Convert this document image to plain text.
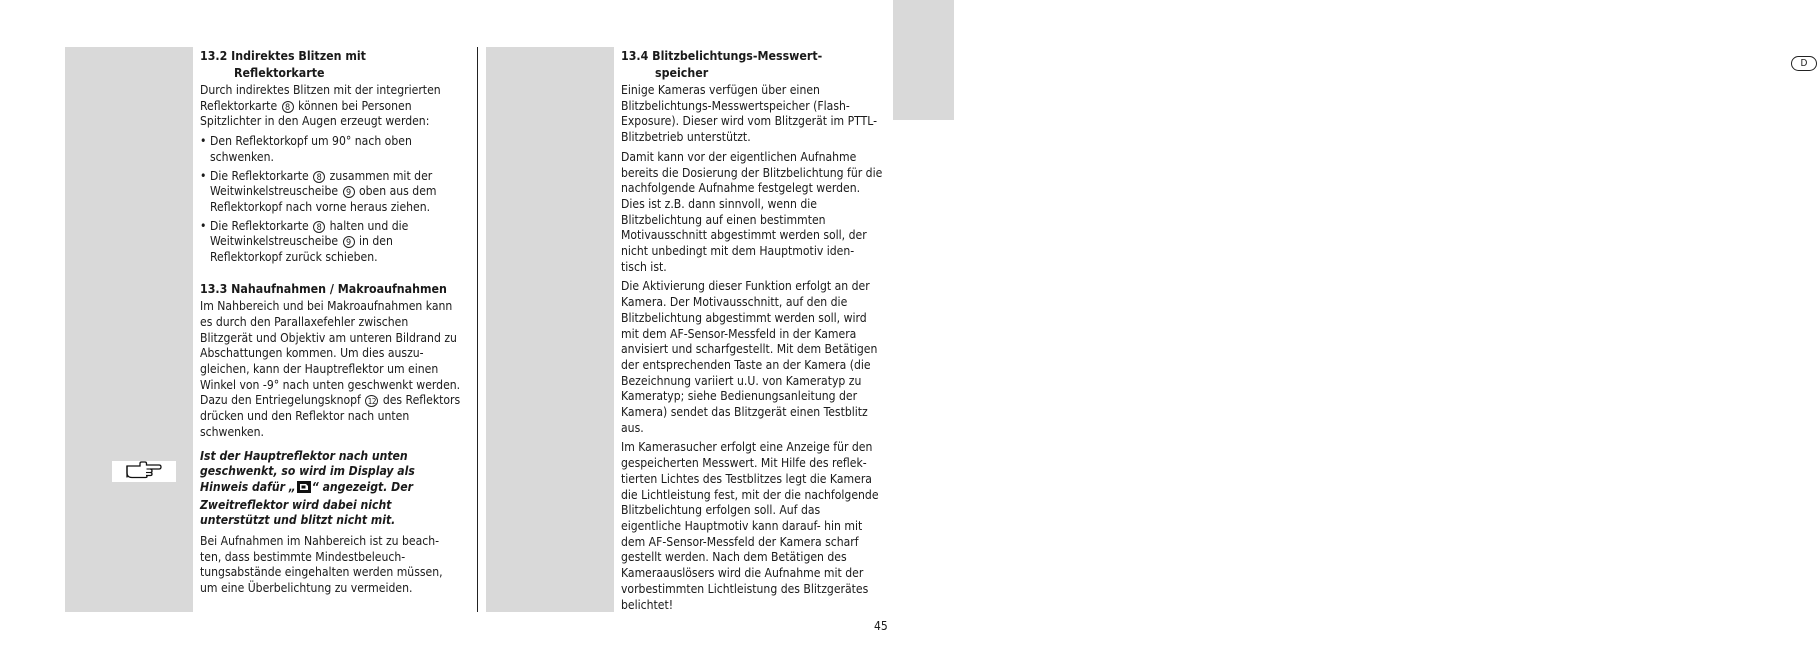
D
13.2 Indirektes Blitzen mit
Reflektorkarte

Durch indirektes Blitzen mit der integrierten Reflektorkarte 8 können bei Personen Spitzlichter in den Augen erzeugt werden:

• Den Reflektorkopf um 90° nach oben schwenken.
• Die Reflektorkarte 8 zusammen mit der Weitwinkelstreuscheibe 9 oben aus dem Reflektorkopf nach vorne heraus ziehen.
• Die Reflektorkarte 8 halten und die Weitwinkelstreuscheibe 9 in den Reflektorkopf zurück schieben.
13.3 Nahaufnahmen / Makroaufnahmen

Im Nahbereich und bei Makroaufnahmen kann es durch den Parallaxefehler zwischen Blitzgerät und Objektiv am unteren Bildrand zu Abschattungen kommen. Um dies auszu- gleichen, kann der Hauptreflektor um einen Winkel von -9° nach unten geschwenkt werden. Dazu den Entriegelungsknopf 12 des Reflektors drücken und den Reflektor nach unten schwenken.

Ist der Hauptreflektor nach unten geschwenkt, so wird im Display als Hinweis dafür „ “ angezeigt. Der Zweitreflektor wird dabei nicht unterstützt und blitzt nicht mit.

Bei Aufnahmen im Nahbereich ist zu beach- ten, dass bestimmte Mindestbeleuch- tungsabstände eingehalten werden müssen, um eine Überbelichtung zu vermeiden.

13.4 Blitzbelichtungs-Messwert-
speicher

Einige Kameras verfügen über einen Blitzbelichtungs-Messwertspeicher (Flash-Exposure). Dieser wird vom Blitzgerät im PTTL-Blitzbetrieb unterstützt.

Damit kann vor der eigentlichen Aufnahme bereits die Dosierung der Blitzbelichtung für die nachfolgende Aufnahme festgelegt werden. Dies ist z.B. dann sinnvoll, wenn die Blitzbelichtung auf einen bestimmten Motivausschnitt abgestimmt werden soll, der nicht unbedingt mit dem Hauptmotiv iden- tisch ist.

Die Aktivierung dieser Funktion erfolgt an der Kamera. Der Motivausschnitt, auf den die Blitzbelichtung abgestimmt werden soll, wird mit dem AF-Sensor-Messfeld in der Kamera anvisiert und scharfgestellt. Mit dem Betätigen der entsprechenden Taste an der Kamera (die Bezeichnung variiert u.U. von Kameratyp zu Kameratyp; siehe Bedienungsanleitung der Kamera) sendet das Blitzgerät einen Testblitz aus.

Im Kamerasucher erfolgt eine Anzeige für den gespeicherten Messwert. Mit Hilfe des reflek- tierten Lichtes des Testblitzes legt die Kamera die Lichtleistung fest, mit der die nachfolgende Blitzbelichtung erfolgen soll. Auf das eigentliche Hauptmotiv kann darauf- hin mit dem AF-Sensor-Messfeld der Kamera scharf gestellt werden. Nach dem Betätigen des Kameraauslösers wird die Aufnahme mit der vorbestimmten Lichtleistung des Blitzgerätes belichtet!

45
